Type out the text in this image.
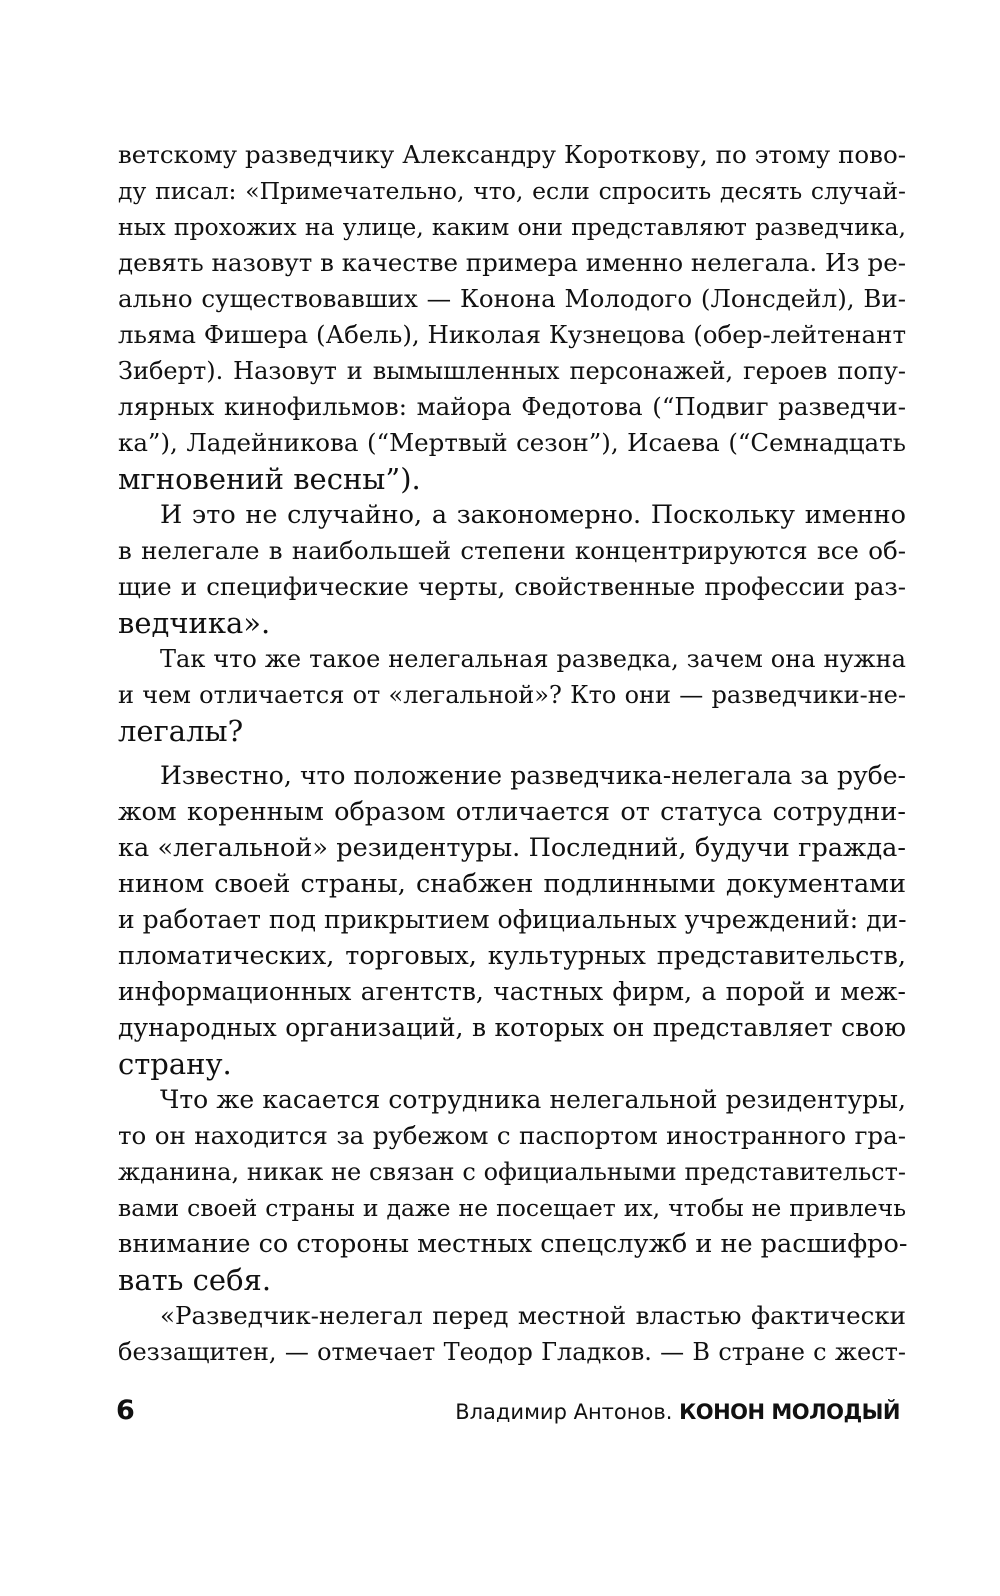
ветскому разведчику Александру Короткову, по этому пово-
ду писал: «Примечательно, что, если спросить десять случай-
ных прохожих на улице, каким они представляют разведчика,
девять назовут в качестве примера именно нелегала. Из ре-
ально существовавших — Конона Молодого (Лонсдейл), Ви-
льяма Фишера (Абель), Николая Кузнецова (обер-лейтенант
Зиберт). Назовут и вымышленных персонажей, героев попу-
лярных кинофильмов: майора Федотова (“Подвиг разведчи-
ка”), Ладейникова (“Мертвый сезон”), Исаева (“Семнадцать
мгновений весны”).
И это не случайно, а закономерно. Поскольку именно
в нелегале в наибольшей степени концентрируются все об-
щие и специфические черты, свойственные профессии раз-
ведчика».
Так что же такое нелегальная разведка, зачем она нужна
и чем отличается от «легальной»? Кто они — разведчики-не-
легалы?
Известно, что положение разведчика-нелегала за рубе-
жом коренным образом отличается от статуса сотрудни-
ка «легальной» резидентуры. Последний, будучи гражда-
нином своей страны, снабжен подлинными документами
и работает под прикрытием официальных учреждений: ди-
пломатических, торговых, культурных представительств,
информационных агентств, частных фирм, а порой и меж-
дународных организаций, в которых он представляет свою
страну.
Что же касается сотрудника нелегальной резидентуры,
то он находится за рубежом с паспортом иностранного гра-
жданина, никак не связан с официальными представительст-
вами своей страны и даже не посещает их, чтобы не привлечь
внимание со стороны местных спецслужб и не расшифро-
вать себя.
«Разведчик-нелегал перед местной властью фактически
беззащитен, — отмечает Теодор Гладков. — В стране с жест-
6	Владимир Антонов. КОНОН МОЛОДЫЙ
